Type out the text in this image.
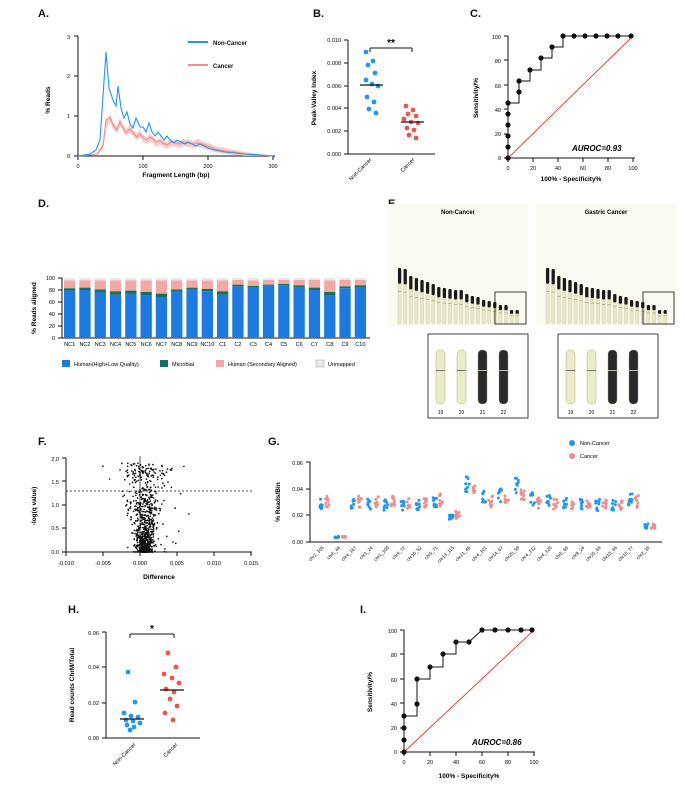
A.
0
1
2
3
0	100	200	300
% Reads
Fragment Length (bp)
Non-Cancer
Cancer
B.
0.000
0.002
0.004
0.006
0.008
0.010
Peak-Valley Index
**
Non-Cancer	Cancer
C.
0
20
40
60
80
100
0	20	40	60	80	100
Sensitivity/%
100% - Specificity%
AUROC=0.93
D.
0
20
40
60
80
100
% Reads aligned
NC1 NC2 NC3 NC4 NC5 NC6 NC7 NC8 NC9 NC10 C1 C2 C3 C4 C5 C6 C7 C8 C9 C10
Human(High+Low Quality)	Microbial	Human (Secondary Aligned)	Unmapped
Non-Cancer	Gastric Cancer
19	20	21	22	19	20	21	22
F.
0.0
0.5
1.0
1.5
2.0
-0.010	-0.005	0.000	0.005	0.010	0.015
-log(q value)
Difference
G.	Non-Cancer
Cancer
0.00
0.02
0.04
0.06
% Reads/Bin
chr2_105 chr6_44 chr4_167 chr1_24 chr1_109 chr4_72 chr10_52 chr6_71
chr13_115 chr21_46 chr4_101 chr14_67 chr20_59 chr4_132 chr4_128 chr6_69 chr9_24 chr20_58 chr15_46 chr15_77 chr2_35
H.
0.00
0.02
0.04
0.06
Read counts ChrM/Total
*
Non-Cancer	Cancer
I.
0
20
40
60
80
100
0	20	40	60	80	100
Sensitivity/%
100% - Specificity%
AUROC=0.86
